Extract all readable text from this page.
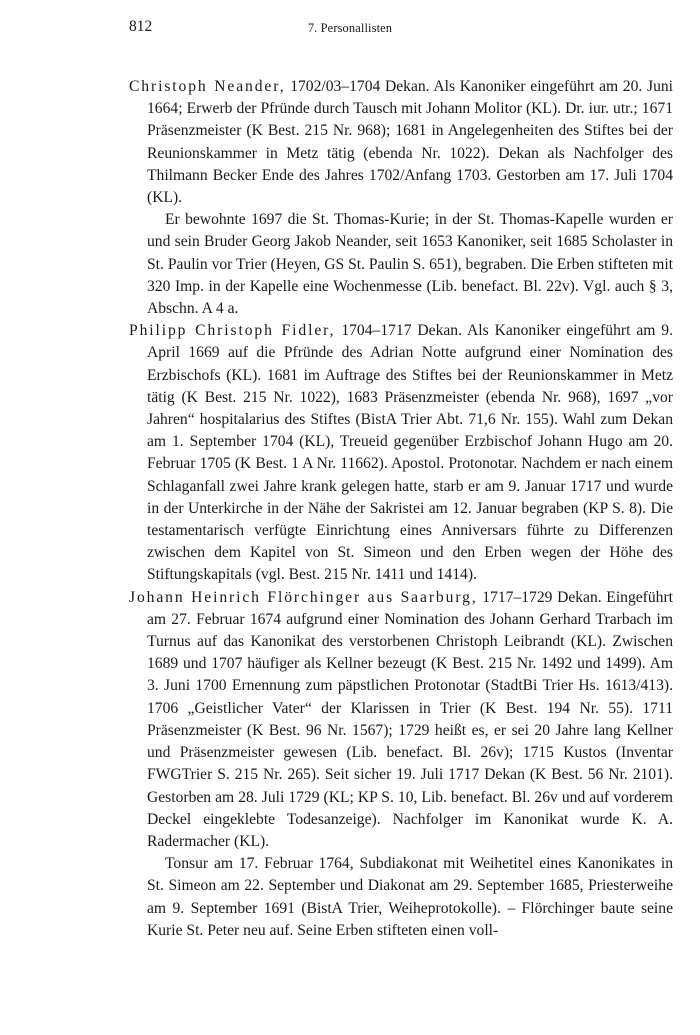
812	7. Personallisten

Christoph Neander, 1702/03–1704 Dekan. Als Kanoniker eingeführt am 20. Juni 1664; Erwerb der Pfründe durch Tausch mit Johann Molitor (KL). Dr. iur. utr.; 1671 Präsenzmeister (K Best. 215 Nr. 968); 1681 in Angelegenheiten des Stiftes bei der Reunionskammer in Metz tätig (ebenda Nr. 1022). Dekan als Nachfolger des Thilmann Becker Ende des Jahres 1702/Anfang 1703. Gestorben am 17. Juli 1704 (KL).

Er bewohnte 1697 die St. Thomas-Kurie; in der St. Thomas-Kapelle wurden er und sein Bruder Georg Jakob Neander, seit 1653 Kanoniker, seit 1685 Scholaster in St. Paulin vor Trier (Heyen, GS St. Paulin S. 651), begraben. Die Erben stifteten mit 320 Imp. in der Kapelle eine Wochenmesse (Lib. benefact. Bl. 22v). Vgl. auch § 3, Abschn. A 4 a.

Philipp Christoph Fidler, 1704–1717 Dekan. Als Kanoniker eingeführt am 9. April 1669 auf die Pfründe des Adrian Notte aufgrund einer Nomination des Erzbischofs (KL). 1681 im Auftrage des Stiftes bei der Reunionskammer in Metz tätig (K Best. 215 Nr. 1022), 1683 Präsenzmeister (ebenda Nr. 968), 1697 „vor Jahren“ hospitalarius des Stiftes (BistA Trier Abt. 71,6 Nr. 155). Wahl zum Dekan am 1. September 1704 (KL), Treueid gegenüber Erzbischof Johann Hugo am 20. Februar 1705 (K Best. 1 A Nr. 11662). Apostol. Protonotar. Nachdem er nach einem Schlaganfall zwei Jahre krank gelegen hatte, starb er am 9. Januar 1717 und wurde in der Unterkirche in der Nähe der Sakristei am 12. Januar begraben (KP S. 8). Die testamentarisch verfügte Einrichtung eines Anniversars führte zu Differenzen zwischen dem Kapitel von St. Simeon und den Erben wegen der Höhe des Stiftungskapitals (vgl. Best. 215 Nr. 1411 und 1414).

Johann Heinrich Flörchinger aus Saarburg, 1717–1729 Dekan. Eingeführt am 27. Februar 1674 aufgrund einer Nomination des Johann Gerhard Trarbach im Turnus auf das Kanonikat des verstorbenen Christoph Leibrandt (KL). Zwischen 1689 und 1707 häufiger als Kellner bezeugt (K Best. 215 Nr. 1492 und 1499). Am 3. Juni 1700 Ernennung zum päpstlichen Protonotar (StadtBi Trier Hs. 1613/413). 1706 „Geistlicher Vater“ der Klarissen in Trier (K Best. 194 Nr. 55). 1711 Präsenzmeister (K Best. 96 Nr. 1567); 1729 heißt es, er sei 20 Jahre lang Kellner und Präsenzmeister gewesen (Lib. benefact. Bl. 26v); 1715 Kustos (Inventar FWGTrier S. 215 Nr. 265). Seit sicher 19. Juli 1717 Dekan (K Best. 56 Nr. 2101). Gestorben am 28. Juli 1729 (KL; KP S. 10, Lib. benefact. Bl. 26v und auf vorderem Deckel eingeklebte Todesanzeige). Nachfolger im Kanonikat wurde K. A. Radermacher (KL).

Tonsur am 17. Februar 1764, Subdiakonat mit Weihetitel eines Kanonikates in St. Simeon am 22. September und Diakonat am 29. September 1685, Priesterweihe am 9. September 1691 (BistA Trier, Weiheprotokolle). – Flörchinger baute seine Kurie St. Peter neu auf. Seine Erben stifteten einen voll-
